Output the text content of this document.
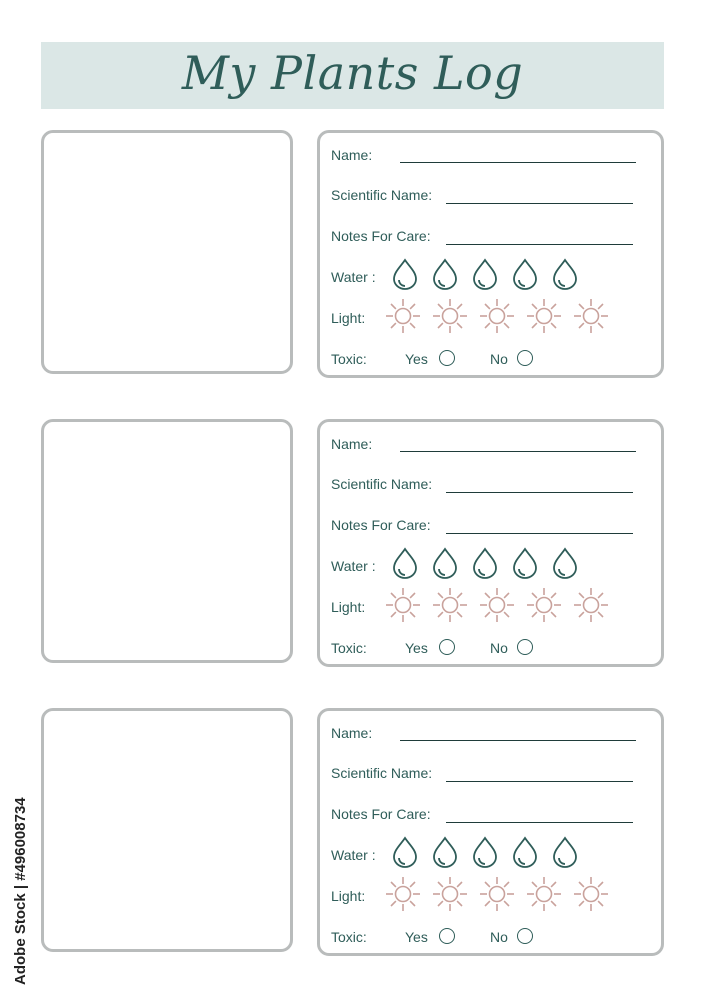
My Plants Log
Name:
Scientific Name:
Notes For Care:
Water :
Light:
Toxic:	Yes	No
Name:
Scientific Name:
Notes For Care:
Water :
Light:
Toxic:	Yes	No
Name:
Scientific Name:
Notes For Care:
Water :
Light:
Toxic:	Yes	No
Adobe Stock | #496008734
